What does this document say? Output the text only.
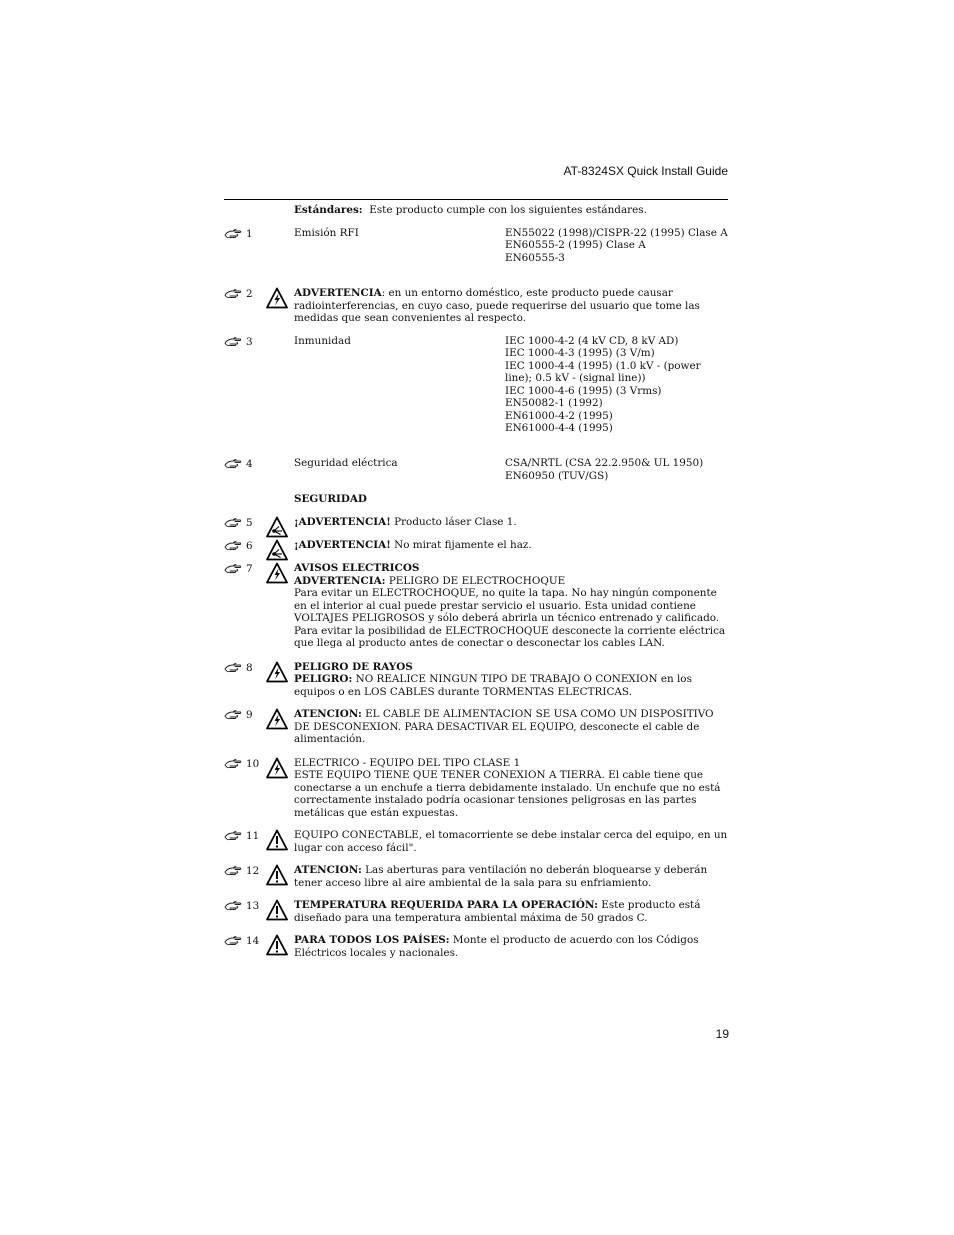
AT-8324SX Quick Install Guide
Estándares: Este producto cumple con los siguientes estándares.
1	Emisión RFI	EN55022 (1998)/CISPR-22 (1995) Clase A
EN60555-2 (1995) Clase A
EN60555-3
2	ADVERTENCIA: en un entorno doméstico, este producto puede causar radiointerferencias, en cuyo caso, puede requerirse del usuario que tome las medidas que sean convenientes al respecto.
3	Inmunidad	IEC 1000-4-2 (4 kV CD, 8 kV AD)
IEC 1000-4-3 (1995) (3 V/m)
IEC 1000-4-4 (1995) (1.0 kV - (power line); 0.5 kV - (signal line))
IEC 1000-4-6 (1995) (3 Vrms)
EN50082-1 (1992)
EN61000-4-2 (1995)
EN61000-4-4 (1995)
4	Seguridad eléctrica	CSA/NRTL (CSA 22.2.950& UL 1950)
EN60950 (TUV/GS)
SEGURIDAD
5	¡ADVERTENCIA! Producto láser Clase 1.
6	¡ADVERTENCIA! No mirat fijamente el haz.
7	AVISOS ELECTRICOS
ADVERTENCIA: PELIGRO DE ELECTROCHOQUE
Para evitar un ELECTROCHOQUE, no quite la tapa. No hay ningún componente en el interior al cual puede prestar servicio el usuario. Esta unidad contiene VOLTAJES PELIGROSOS y sólo deberá abrirla un técnico entrenado y calificado. Para evitar la posibilidad de ELECTROCHOQUE desconecte la corriente eléctrica que llega al producto antes de conectar o desconectar los cables LAN.
8	PELIGRO DE RAYOS
PELIGRO: NO REALICE NINGUN TIPO DE TRABAJO O CONEXION en los equipos o en LOS CABLES durante TORMENTAS ELECTRICAS.
9	ATENCION: EL CABLE DE ALIMENTACION SE USA COMO UN DISPOSITIVO DE DESCONEXION. PARA DESACTIVAR EL EQUIPO, desconecte el cable de alimentación.
10	ELECTRICO - EQUIPO DEL TIPO CLASE 1
ESTE EQUIPO TIENE QUE TENER CONEXION A TIERRA. El cable tiene que conectarse a un enchufe a tierra debidamente instalado. Un enchufe que no está correctamente instalado podría ocasionar tensiones peligrosas en las partes metálicas que están expuestas.
11	EQUIPO CONECTABLE, el tomacorriente se debe instalar cerca del equipo, en un lugar con acceso fácil".
12	ATENCION: Las aberturas para ventilación no deberán bloquearse y deberán tener acceso libre al aire ambiental de la sala para su enfriamiento.
13	TEMPERATURA REQUERIDA PARA LA OPERACIÓN: Este producto está diseñado para una temperatura ambiental máxima de 50 grados C.
14	PARA TODOS LOS PAÍSES: Monte el producto de acuerdo con los Códigos Eléctricos locales y nacionales.
19
